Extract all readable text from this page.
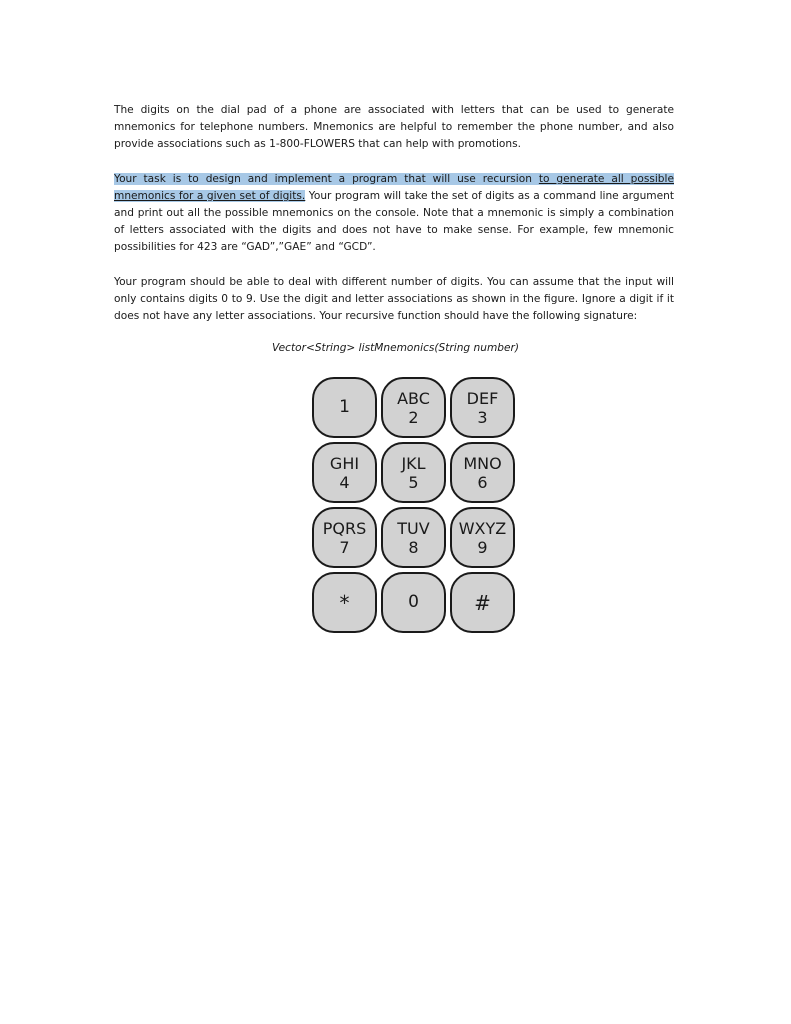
The digits on the dial pad of a phone are associated with letters that can be used to generate mnemonics for telephone numbers. Mnemonics are helpful to remember the phone number, and also provide associations such as 1-800-FLOWERS that can help with promotions.

Your task is to design and implement a program that will use recursion to generate all possible mnemonics for a given set of digits. Your program will take the set of digits as a command line argument and print out all the possible mnemonics on the console. Note that a mnemonic is simply a combination of letters associated with the digits and does not have to make sense. For example, few mnemonic possibilities for 423 are “GAD”,”GAE” and “GCD”.

Your program should be able to deal with different number of digits. You can assume that the input will only contains digits 0 to 9. Use the digit and letter associations as shown in the figure. Ignore a digit if it does not have any letter associations. Your recursive function should have the following signature:

Vector<String> listMnemonics(String number)

1	ABC
2
DEF
3
GHI
4
JKL
5
MNO
6
PQRS
7
TUV
8
WXYZ
9
*	0	#
